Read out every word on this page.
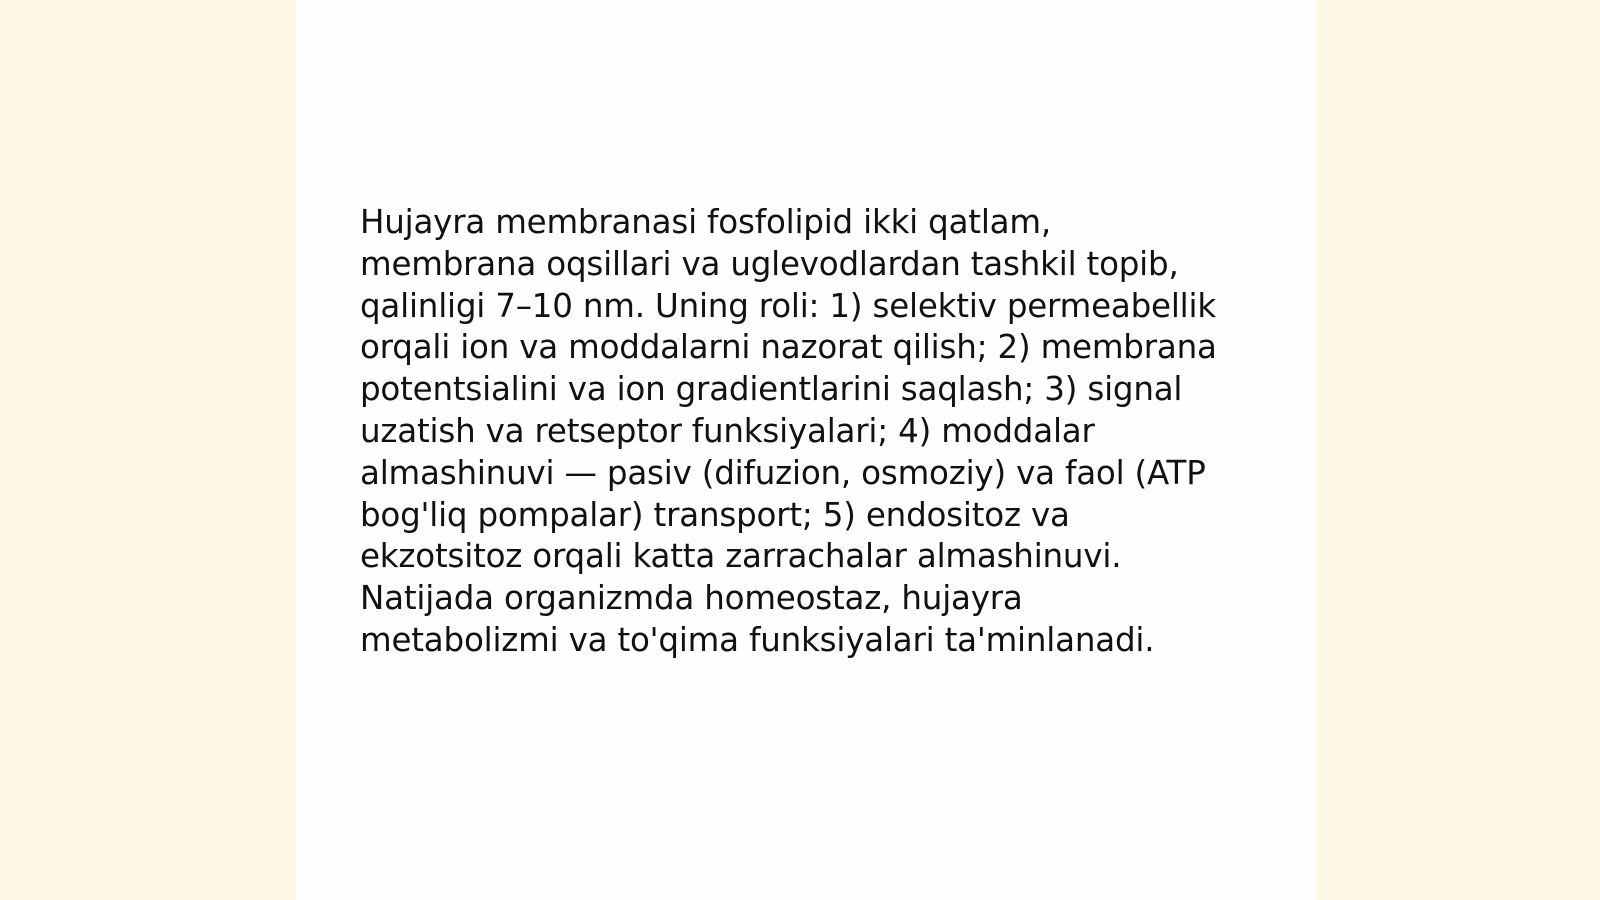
Hujayra membranasi fosfolipid ikki qatlam,
membrana oqsillari va uglevodlardan tashkil topib,
qalinligi 7–10 nm. Uning roli: 1) selektiv permeabellik
orqali ion va moddalarni nazorat qilish; 2) membrana
potentsialini va ion gradientlarini saqlash; 3) signal
uzatish va retseptor funksiyalari; 4) moddalar
almashinuvi — pasiv (difuzion, osmoziy) va faol (ATP
bog'liq pompalar) transport; 5) endositoz va
ekzotsitoz orqali katta zarrachalar almashinuvi.
Natijada organizmda homeostaz, hujayra
metabolizmi va to'qima funksiyalari ta'minlanadi.
